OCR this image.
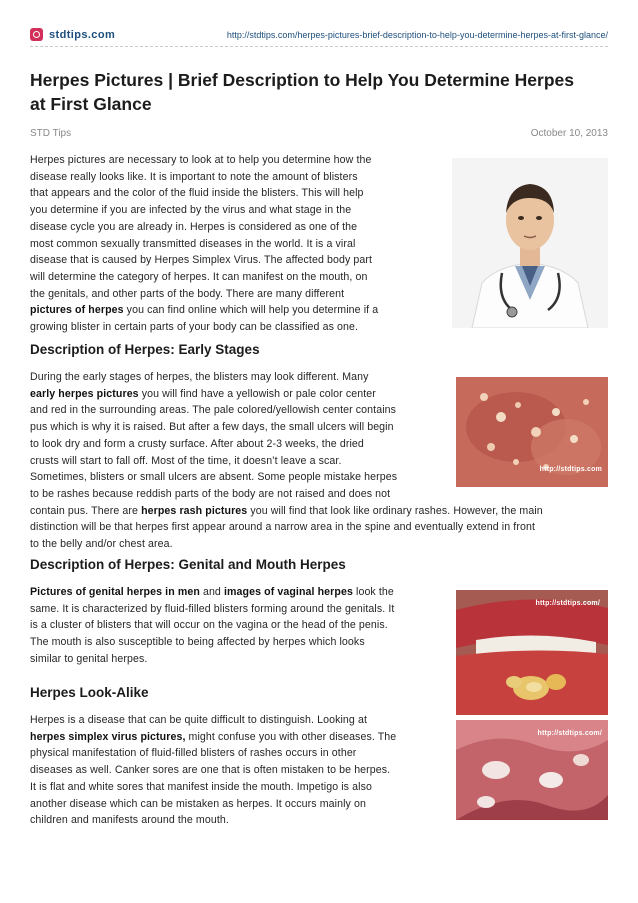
stdtips.com	http://stdtips.com/herpes-pictures-brief-description-to-help-you-determine-herpes-at-first-glance/
Herpes Pictures | Brief Description to Help You Determine Herpes at First Glance
STD Tips	October 10, 2013
Herpes pictures are necessary to look at to help you determine how the
disease really looks like. It is important to note the amount of blisters
that appears and the color of the fluid inside the blisters. This will help
you determine if you are infected by the virus and what stage in the
disease cycle you are already in. Herpes is considered as one of the
most common sexually transmitted diseases in the world. It is a viral
disease that is caused by Herpes Simplex Virus. The affected body part
will determine the category of herpes. It can manifest on the mouth, on
the genitals, and other parts of the body. There are many different
pictures of herpes you can find online which will help you determine if a
growing blister in certain parts of your body can be classified as one.
Description of Herpes: Early Stages
During the early stages of herpes, the blisters may look different. Many
early herpes pictures you will find have a yellowish or pale color center
and red in the surrounding areas. The pale colored/yellowish center contains
pus which is why it is raised. But after a few days, the small ulcers will begin
to look dry and form a crusty surface. After about 2-3 weeks, the dried
crusts will start to fall off. Most of the time, it doesn’t leave a scar.
Sometimes, blisters or small ulcers are absent. Some people mistake herpes
to be rashes because reddish parts of the body are not raised and does not
contain pus. There are herpes rash pictures you will find that look like ordinary rashes. However, the main
distinction will be that herpes first appear around a narrow area in the spine and eventually extend in front
to the belly and/or chest area.
http://stdtips.com
Description of Herpes: Genital and Mouth Herpes
Pictures of genital herpes in men and images of vaginal herpes look the
same. It is characterized by fluid-filled blisters forming around the genitals. It
is a cluster of blisters that will occur on the vagina or the head of the penis.
The mouth is also susceptible to being affected by herpes which looks
similar to genital herpes.
http://stdtips.com/
Herpes Look-Alike
Herpes is a disease that can be quite difficult to distinguish. Looking at
herpes simplex virus pictures, might confuse you with other diseases. The
physical manifestation of fluid-filled blisters of rashes occurs in other
diseases as well. Canker sores are one that is often mistaken to be herpes.
It is flat and white sores that manifest inside the mouth. Impetigo is also
another disease which can be mistaken as herpes. It occurs mainly on
children and manifests around the mouth.
http://stdtips.com/
